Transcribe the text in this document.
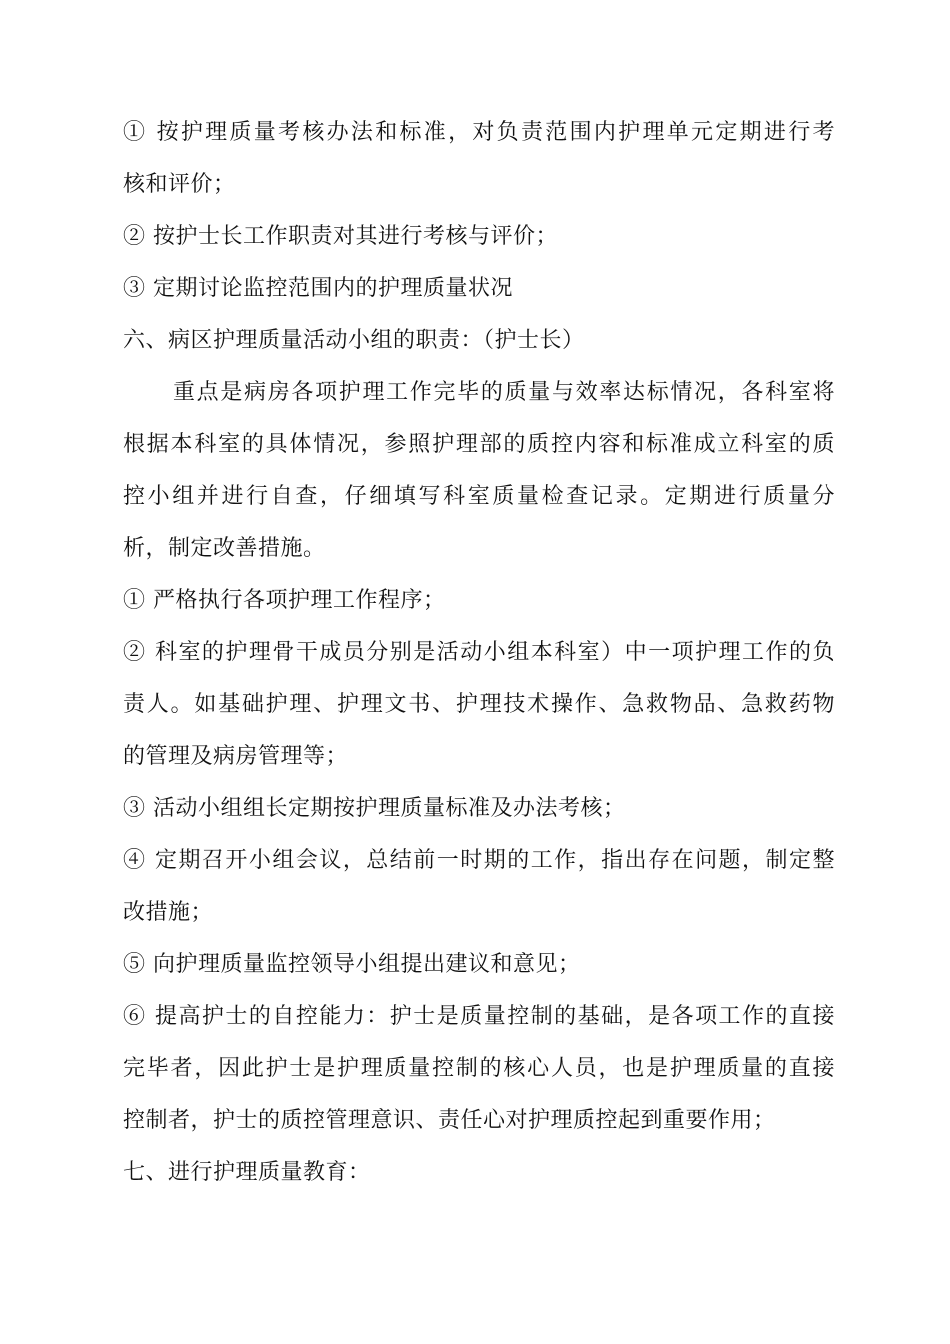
① 按护理质量考核办法和标准，对负责范围内护理单元定期进行考
核和评价；
② 按护士长工作职责对其进行考核与评价；
③ 定期讨论监控范围内的护理质量状况
六、病区护理质量活动小组的职责：（护士长）
重点是病房各项护理工作完毕的质量与效率达标情况，各科室将
根据本科室的具体情况，参照护理部的质控内容和标准成立科室的质
控小组并进行自查，仔细填写科室质量检查记录。定期进行质量分
析，制定改善措施。
① 严格执行各项护理工作程序；
② 科室的护理骨干成员分别是活动小组本科室）中一项护理工作的负
责人。如基础护理、护理文书、护理技术操作、急救物品、急救药物
的管理及病房管理等；
③ 活动小组组长定期按护理质量标准及办法考核；
④ 定期召开小组会议，总结前一时期的工作，指出存在问题，制定整
改措施；
⑤ 向护理质量监控领导小组提出建议和意见；
⑥ 提高护士的自控能力：护士是质量控制的基础，是各项工作的直接
完毕者，因此护士是护理质量控制的核心人员，也是护理质量的直接
控制者，护士的质控管理意识、责任心对护理质控起到重要作用；
七、进行护理质量教育：
